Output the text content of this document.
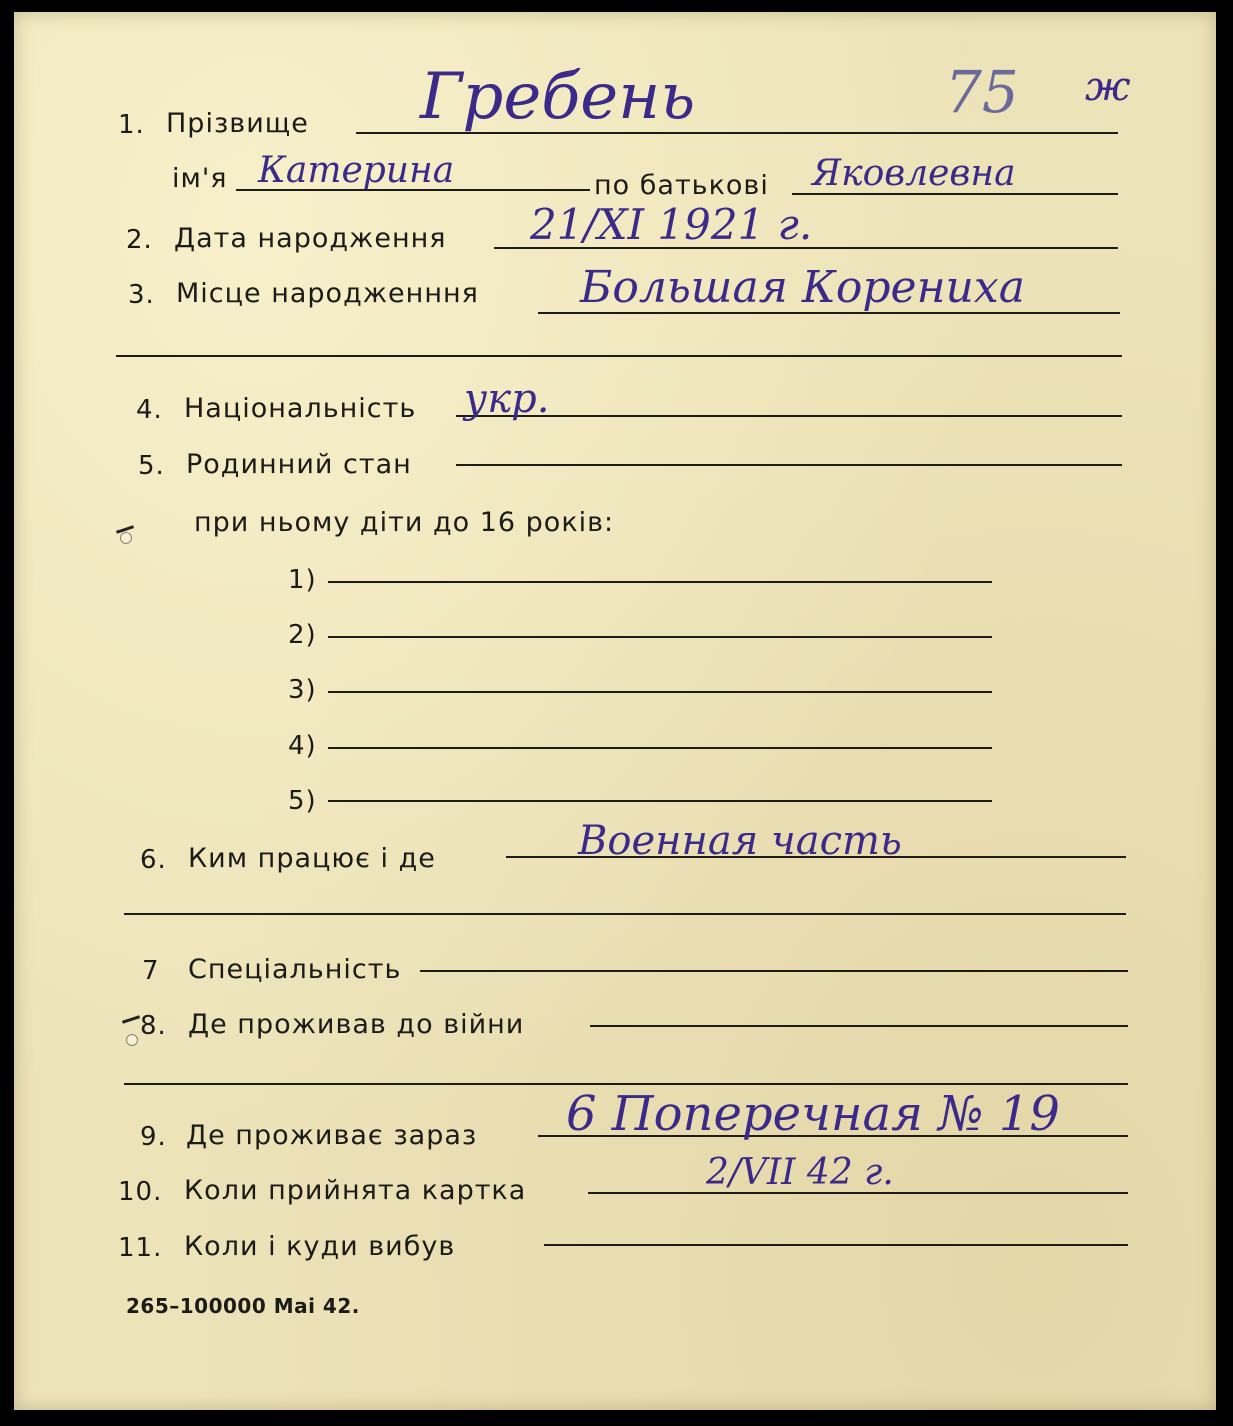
1. Прізвище Гребень	75 ж
ім'я Катерина	по батькові Яковлевна
2. Дата народження 21/XI 1921 г.
3. Місце народженння Большая Корениха
4. Національність укр.
5. Родинний стан
при ньому діти до 16 років:
1)
2)
3)
4)
5)
6. Ким працює і де	Военная часть
7 Спеціальність
8. Де проживав до війни
9. Де проживає зараз 6 Поперечная № 19
10. Коли прийнята картка	2/VII 42 г.
11. Коли і куди вибув
265–100000 Mai 42.
